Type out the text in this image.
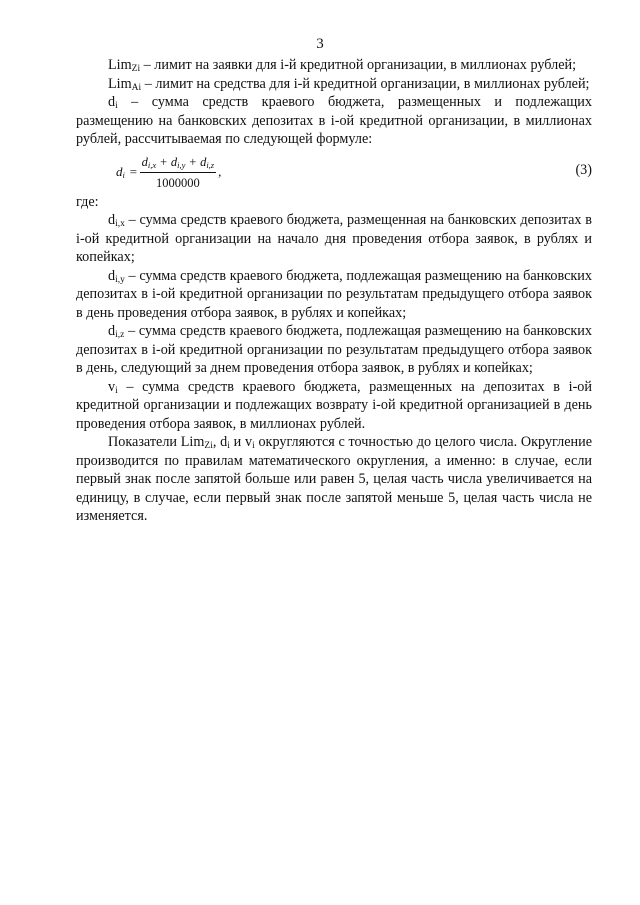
3

Lim$_{Zi}$ – лимит на заявки для i-й кредитной организации, в миллионах рублей;

Lim$_{Ai}$ – лимит на средства для i-й кредитной организации, в миллионах рублей;

$d_i$ – сумма средств краевого бюджета, размещенных и подлежащих размещению на банковских депозитах в i-ой кредитной организации, в миллионах рублей, рассчитываемая по следующей формуле:

$d_i = \frac{d_{i,x} + d_{i,y} + d_{i,z}}{1000000}$ ,	(3)

где:

$d_{i,x}$ – сумма средств краевого бюджета, размещенная на банковских депозитах в i-ой кредитной организации на начало дня проведения отбора заявок, в рублях и копейках;

$d_{i,y}$ – сумма средств краевого бюджета, подлежащая размещению на банковских депозитах в i-ой кредитной организации по результатам предыдущего отбора заявок в день проведения отбора заявок, в рублях и копейках;

$d_{i,z}$ – сумма средств краевого бюджета, подлежащая размещению на банковских депозитах в i-ой кредитной организации по результатам предыдущего отбора заявок в день, следующий за днем проведения отбора заявок, в рублях и копейках;

$v_i$ – сумма средств краевого бюджета, размещенных на депозитах в i-ой кредитной организации и подлежащих возврату i-ой кредитной организацией в день проведения отбора заявок, в миллионах рублей.

Показатели Lim$_{Zi}$, $d_i$ и $v_i$ округляются с точностью до целого числа. Округление производится по правилам математического округления, а именно: в случае, если первый знак после запятой больше или равен 5, целая часть числа увеличивается на единицу, в случае, если первый знак после запятой меньше 5, целая часть числа не изменяется.
